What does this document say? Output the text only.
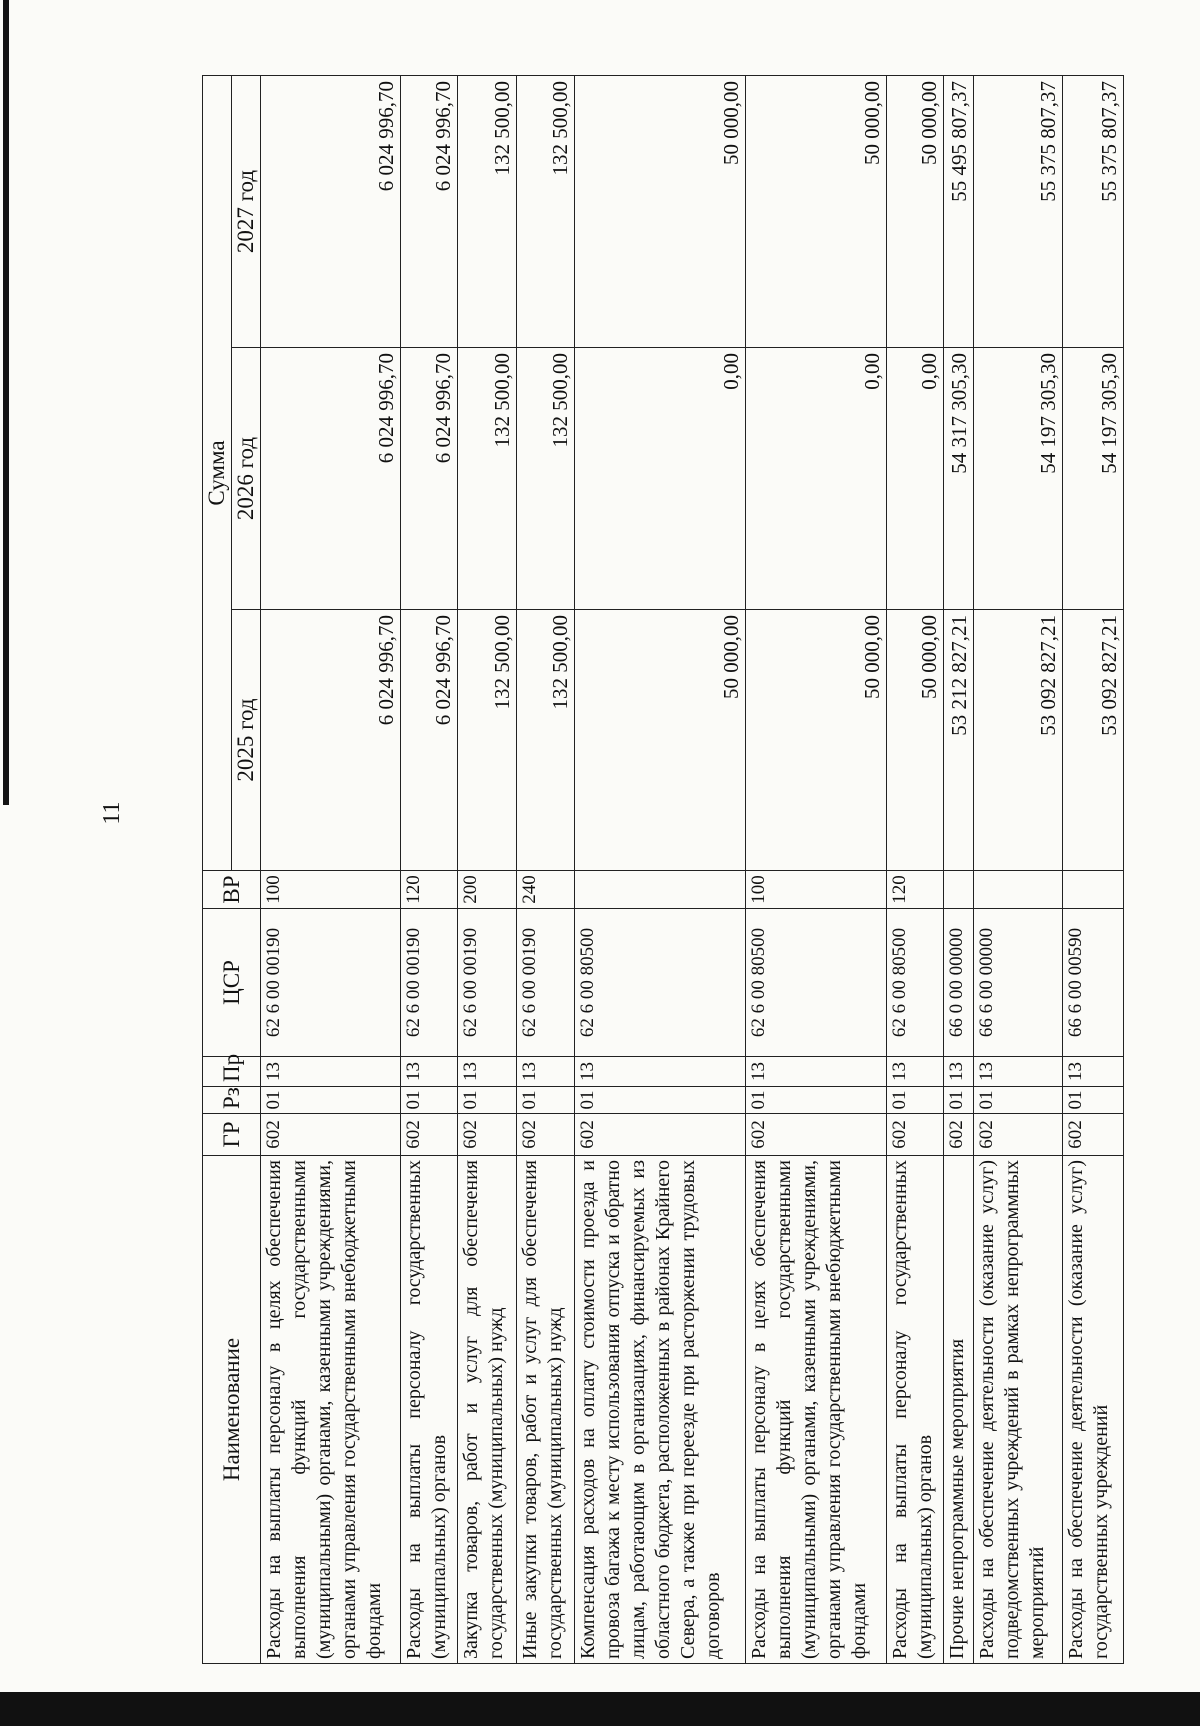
11
Наименование	ГР	Рз	Пр	ЦСР	ВР	Сумма		
						2025 год	2026 год	2027 год
Расходы на выплаты персоналу в целях обеспечения выполнения функций государственными (муниципальными) органами, казенными учреждениями, органами управления государственными внебюджетными фондами	602	01	13	62 6 00 00190	100	6 024 996,70	6 024 996,70	6 024 996,70
Расходы на выплаты персоналу государственных (муниципальных) органов	602	01	13	62 6 00 00190	120	6 024 996,70	6 024 996,70	6 024 996,70
Закупка товаров, работ и услуг для обеспечения государственных (муниципальных) нужд	602	01	13	62 6 00 00190	200	132 500,00	132 500,00	132 500,00
Иные закупки товаров, работ и услуг для обеспечения государственных (муниципальных) нужд	602	01	13	62 6 00 00190	240	132 500,00	132 500,00	132 500,00
Компенсация расходов на оплату стоимости проезда и провоза багажа к месту использования отпуска и обратно лицам, работающим в организациях, финансируемых из областного бюджета, расположенных в районах Крайнего Севера, а также при переезде при расторжении трудовых договоров	602	01	13	62 6 00 80500		50 000,00	0,00	50 000,00
Расходы на выплаты персоналу в целях обеспечения выполнения функций государственными (муниципальными) органами, казенными учреждениями, органами управления государственными внебюджетными фондами	602	01	13	62 6 00 80500	100	50 000,00	0,00	50 000,00
Расходы на выплаты персоналу государственных (муниципальных) органов	602	01	13	62 6 00 80500	120	50 000,00	0,00	50 000,00
Прочие непрограммные мероприятия	602	01	13	66 0 00 00000		53 212 827,21	54 317 305,30	55 495 807,37
Расходы на обеспечение деятельности (оказание услуг) подведомственных учреждений в рамках непрограммных мероприятий	602	01	13	66 6 00 00000		53 092 827,21	54 197 305,30	55 375 807,37
Расходы на обеспечение деятельности (оказание услуг) государственных учреждений	602	01	13	66 6 00 00590		53 092 827,21	54 197 305,30	55 375 807,37
